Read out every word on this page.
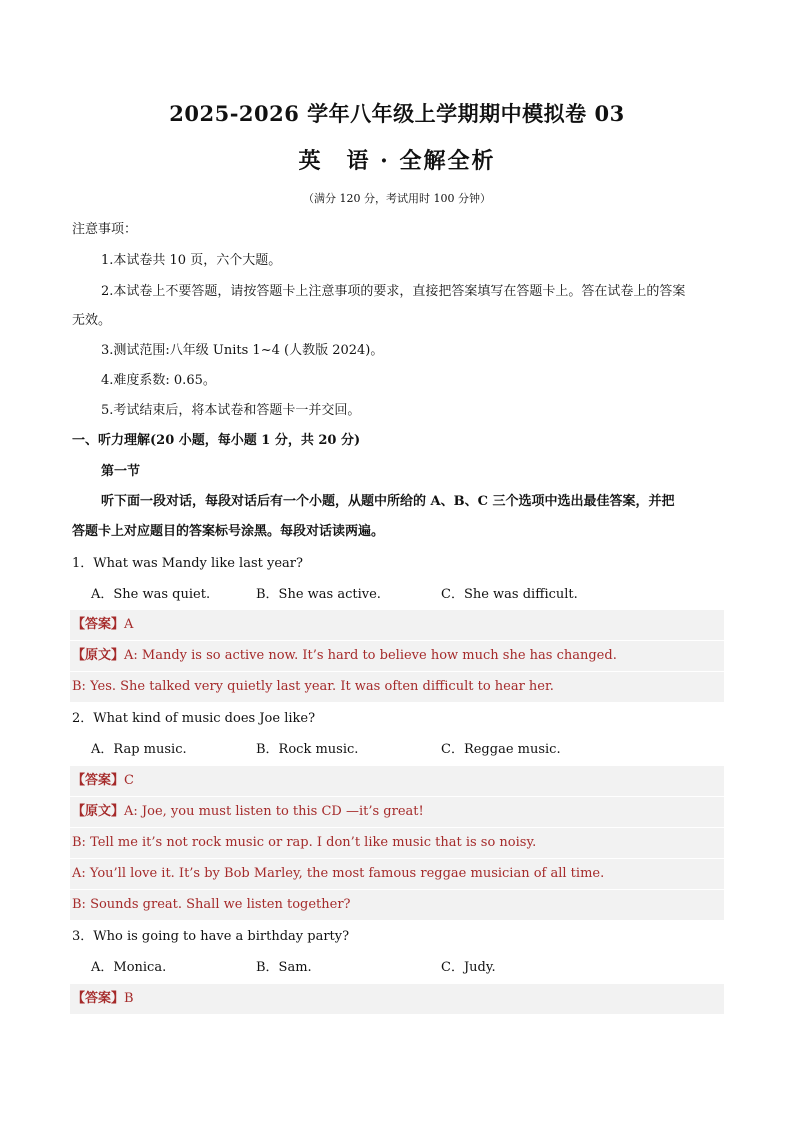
2025-2026 学年八年级上学期期中模拟卷 03
英　语 · 全解全析
（满分 120 分，考试用时 100 分钟）
注意事项：
1.本试卷共 10 页，六个大题。
2.本试卷上不要答题，请按答题卡上注意事项的要求，直接把答案填写在答题卡上。答在试卷上的答案
无效。
3.测试范围:八年级 Units 1~4 (人教版 2024)。
4.难度系数: 0.65。
5.考试结束后，将本试卷和答题卡一并交回。
一、听力理解(20 小题，每小题 1 分，共 20 分)
第一节
听下面一段对话，每段对话后有一个小题，从题中所给的 A、B、C 三个选项中选出最佳答案，并把
答题卡上对应题目的答案标号涂黑。每段对话读两遍。
1．What was Mandy like last year?
A．She was quiet.	B．She was active.	C．She was difficult.
【答案】A
【原文】A: Mandy is so active now. It’s hard to believe how much she has changed.
B: Yes. She talked very quietly last year. It was often difficult to hear her.
2．What kind of music does Joe like?
A．Rap music.	B．Rock music.	C．Reggae music.
【答案】C
【原文】A: Joe, you must listen to this CD —it’s great!
B: Tell me it’s not rock music or rap. I don’t like music that is so noisy.
A: You’ll love it. It’s by Bob Marley, the most famous reggae musician of all time.
B: Sounds great. Shall we listen together?
3．Who is going to have a birthday party?
A．Monica.	B．Sam.	C．Judy.
【答案】B
